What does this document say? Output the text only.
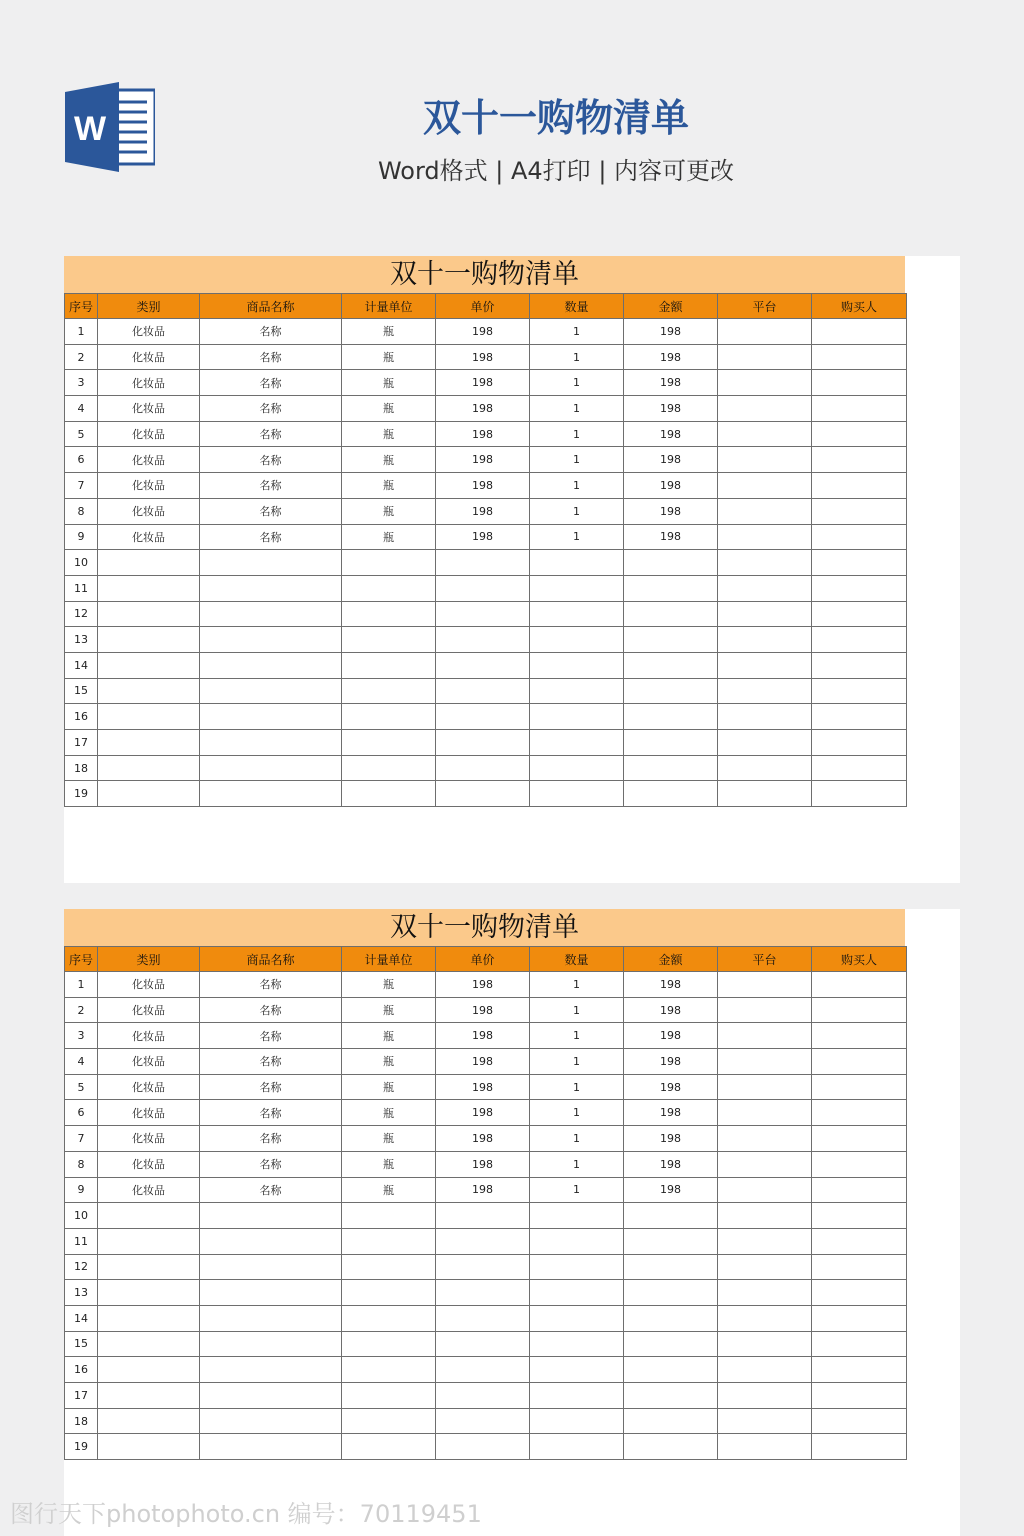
W	双十一购物清单
Word格式 | A4打印 | 内容可更改
双十一购物清单
序号	类别	商品名称	计量单位	单价	数量	金额	平台	购买人
1	化妆品	名称	瓶	198	1	198		
2	化妆品	名称	瓶	198	1	198		
3	化妆品	名称	瓶	198	1	198		
4	化妆品	名称	瓶	198	1	198		
5	化妆品	名称	瓶	198	1	198		
6	化妆品	名称	瓶	198	1	198		
7	化妆品	名称	瓶	198	1	198		
8	化妆品	名称	瓶	198	1	198		
9	化妆品	名称	瓶	198	1	198		
10								
11								
12								
13								
14								
15								
16								
17								
18								
19								
双十一购物清单
序号	类别	商品名称	计量单位	单价	数量	金额	平台	购买人
1	化妆品	名称	瓶	198	1	198		
2	化妆品	名称	瓶	198	1	198		
3	化妆品	名称	瓶	198	1	198		
4	化妆品	名称	瓶	198	1	198		
5	化妆品	名称	瓶	198	1	198		
6	化妆品	名称	瓶	198	1	198		
7	化妆品	名称	瓶	198	1	198		
8	化妆品	名称	瓶	198	1	198		
9	化妆品	名称	瓶	198	1	198		
10								
11								
12								
13								
14								
15								
16								
17								
18								
19								
图行天下photophoto.cn 编号：70119451
